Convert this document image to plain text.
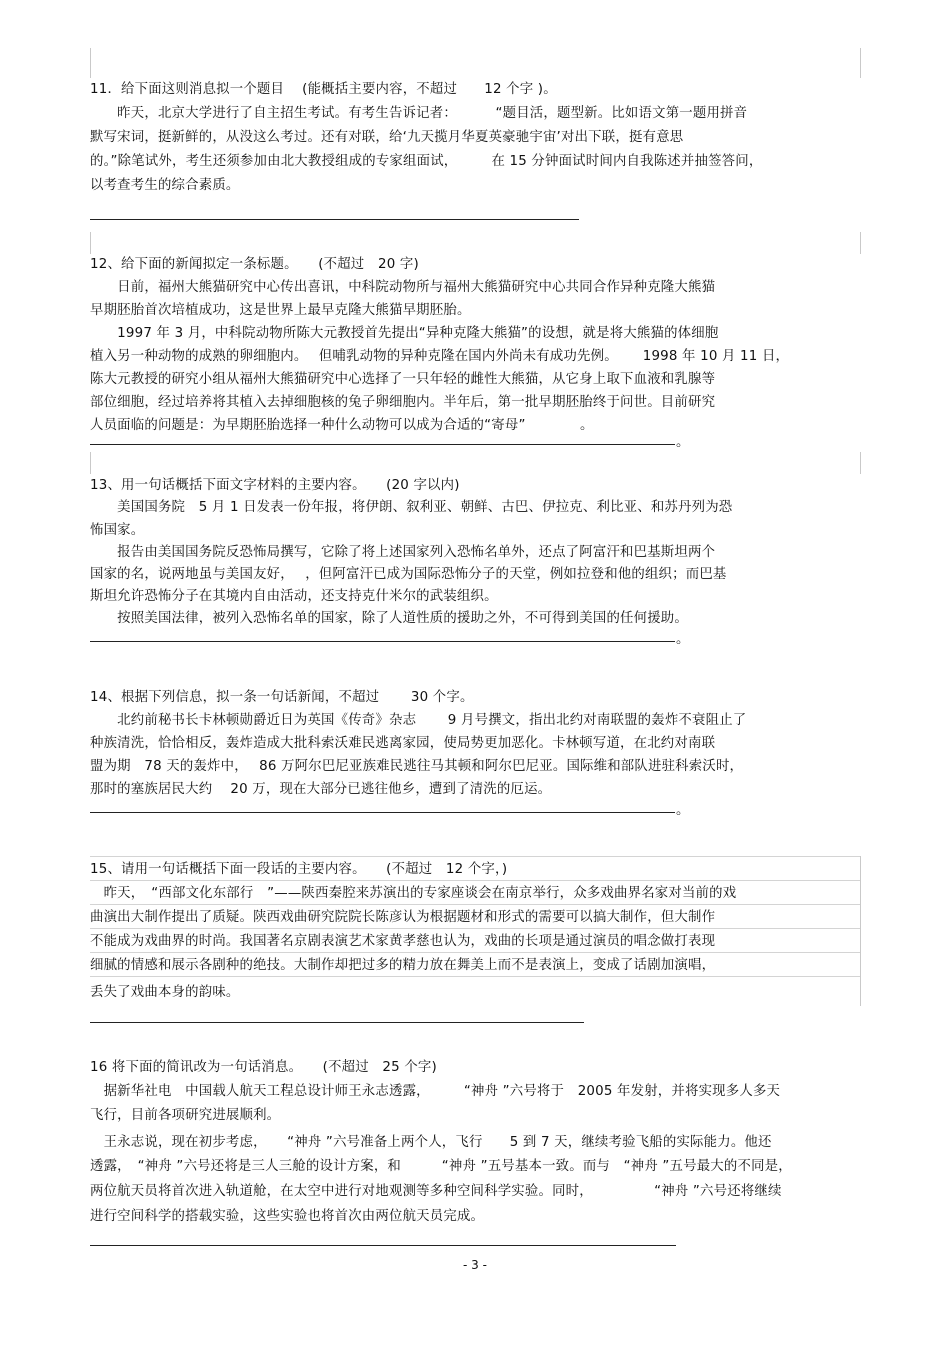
11．给下面这则消息拟一个题目　 (能概括主要内容，不超过　　12 个字 )。
　　昨天，北京大学进行了自主招生考试。有考生告诉记者：　　　 “题目活，题型新。比如语文第一题用拼音
默写宋词，挺新鲜的，从没这么考过。还有对联，给‘九天揽月华夏英豪驰宇宙’对出下联，挺有意思
的。”除笔试外，考生还须参加由北大教授组成的专家组面试，　　　在 15 分钟面试时间内自我陈述并抽签答问，
以考查考生的综合素质。
12、给下面的新闻拟定一条标题。　　(不超过　20 字)
　　日前，福州大熊猫研究中心传出喜讯，中科院动物所与福州大熊猫研究中心共同合作异种克隆大熊猫
早期胚胎首次培植成功，这是世界上最早克隆大熊猫早期胚胎。
　　1997 年 3 月，中科院动物所陈大元教授首先提出“异种克隆大熊猫”的设想，就是将大熊猫的体细胞
植入另一种动物的成熟的卵细胞内。　 但哺乳动物的异种克隆在国内外尚未有成功先例。　　 1998 年 10 月 11 日，
陈大元教授的研究小组从福州大熊猫研究中心选择了一只年轻的雌性大熊猫，从它身上取下血液和乳腺等
部位细胞，经过培养将其植入去掉细胞核的兔子卵细胞内。半年后，第一批早期胚胎终于问世。目前研究
人员面临的问题是：为早期胚胎选择一种什么动物可以成为合适的“寄母”　　　　。
。
13、用一句话概括下面文字材料的主要内容。　　(20 字以内)
　　美国国务院　5 月 1 日发表一份年报，将伊朗、叙利亚、朝鲜、古巴、伊拉克、利比亚、和苏丹列为恐
怖国家。
　　报告由美国国务院反恐怖局撰写，它除了将上述国家列入恐怖名单外，还点了阿富汗和巴基斯坦两个
国家的名，说两地虽与美国友好，　 ，但阿富汗已成为国际恐怖分子的天堂，例如拉登和他的组织；而巴基
斯坦允许恐怖分子在其境内自由活动，还支持克什米尔的武装组织。
　　按照美国法律，被列入恐怖名单的国家，除了人道性质的援助之外，不可得到美国的任何援助。
。
14、根据下列信息，拟一条一句话新闻，不超过　　 30 个字。
　　北约前秘书长卡林顿勋爵近日为英国《传奇》杂志　　 9 月号撰文，指出北约对南联盟的轰炸不衰阻止了
种族清洗，恰恰相反，轰炸造成大批科索沃难民逃离家园，使局势更加恶化。卡林顿写道，在北约对南联
盟为期　78 天的轰炸中，　 86 万阿尔巴尼亚族难民逃往马其顿和阿尔巴尼亚。国际维和部队进驻科索沃时，
那时的塞族居民大约　 20 万，现在大部分已逃往他乡，遭到了清洗的厄运。
。
15、请用一句话概括下面一段话的主要内容。　　(不超过　12 个字，)
　昨天，　“西部文化东部行　”——陕西秦腔来苏演出的专家座谈会在南京举行，众多戏曲界名家对当前的戏
曲演出大制作提出了质疑。陕西戏曲研究院院长陈彦认为根据题材和形式的需要可以搞大制作，但大制作
不能成为戏曲界的时尚。我国著名京剧表演艺术家黄孝慈也认为，戏曲的长项是通过演员的唱念做打表现
细腻的情感和展示各剧种的绝技。大制作却把过多的精力放在舞美上而不是表演上，变成了话剧加演唱，
丢失了戏曲本身的韵味。
16 将下面的简讯改为一句话消息。　　(不超过　25 个字)
　据新华社电　中国载人航天工程总设计师王永志透露，　　　“神舟 ”六号将于　2005 年发射，并将实现多人多天
飞行，目前各项研究进展顺利。
　王永志说，现在初步考虑，　　“神舟 ”六号准备上两个人，飞行　　5 到 7 天，继续考验飞船的实际能力。他还
透露，　“神舟 ”六号还将是三人三舱的设计方案，和　　　“神舟 ”五号基本一致。而与　“神舟 ”五号最大的不同是，
两位航天员将首次进入轨道舱，在太空中进行对地观测等多种空间科学实验。同时，　　　　　“神舟 ”六号还将继续
进行空间科学的搭载实验，这些实验也将首次由两位航天员完成。
- 3 -
